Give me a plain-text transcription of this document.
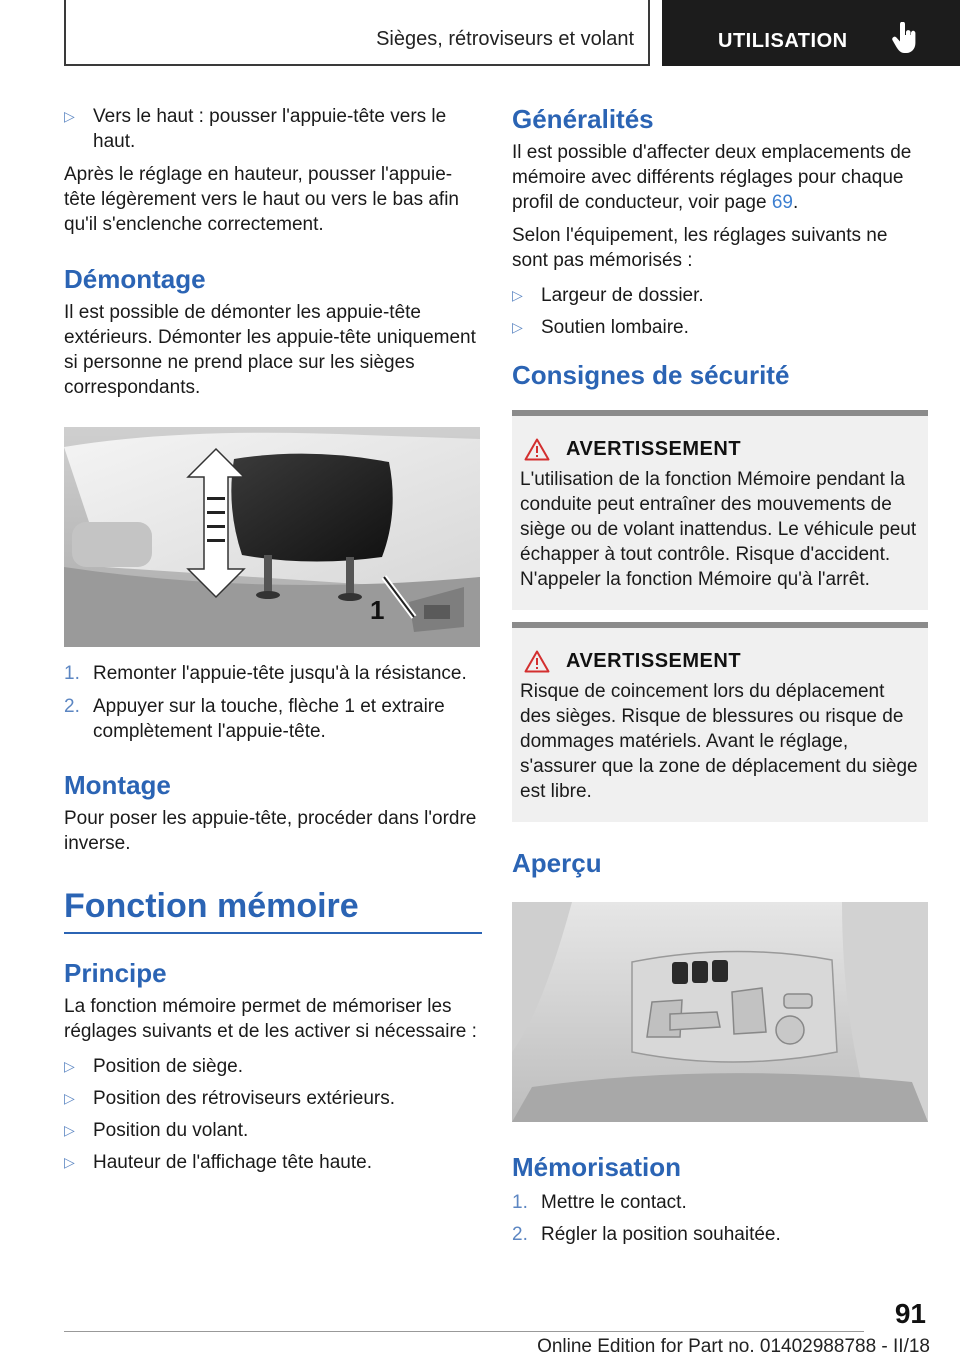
Sièges, rétroviseurs et volant	UTILISATION
▷ Vers le haut : pousser l'appuie-tête vers le haut.

Après le réglage en hauteur, pousser l'appuie-tête légèrement vers le haut ou vers le bas afin qu'il s'enclenche correctement.

Démontage

Il est possible de démonter les appuie-tête extérieurs. Démonter les appuie-tête uniquement si personne ne prend place sur les sièges correspondants.

1
1. Remonter l'appuie-tête jusqu'à la résistance.
2. Appuyer sur la touche, flèche 1 et extraire complètement l'appuie-tête.
Montage

Pour poser les appuie-tête, procéder dans l'ordre inverse.

Fonction mémoire
Principe

La fonction mémoire permet de mémoriser les réglages suivants et de les activer si nécessaire :

▷ Position de siège.
▷ Position des rétroviseurs extérieurs.
▷ Position du volant.
▷ Hauteur de l'affichage tête haute.
Généralités

Il est possible d'affecter deux emplacements de mémoire avec différents réglages pour chaque profil de conducteur, voir page 69.

Selon l'équipement, les réglages suivants ne sont pas mémorisés :

▷ Largeur de dossier.
▷ Soutien lombaire.
Consignes de sécurité
AVERTISSEMENT
L'utilisation de la fonction Mémoire pendant la conduite peut entraîner des mouvements de siège ou de volant inattendus. Le véhicule peut échapper à tout contrôle. Risque d'accident. N'appeler la fonction Mémoire qu'à l'arrêt.
AVERTISSEMENT
Risque de coincement lors du déplacement des sièges. Risque de blessures ou risque de dommages matériels. Avant le réglage, s'assurer que la zone de déplacement du siège est libre.
Aperçu
Mémorisation
1. Mettre le contact.
2. Régler la position souhaitée.
91
Online Edition for Part no. 01402988788 - II/18
